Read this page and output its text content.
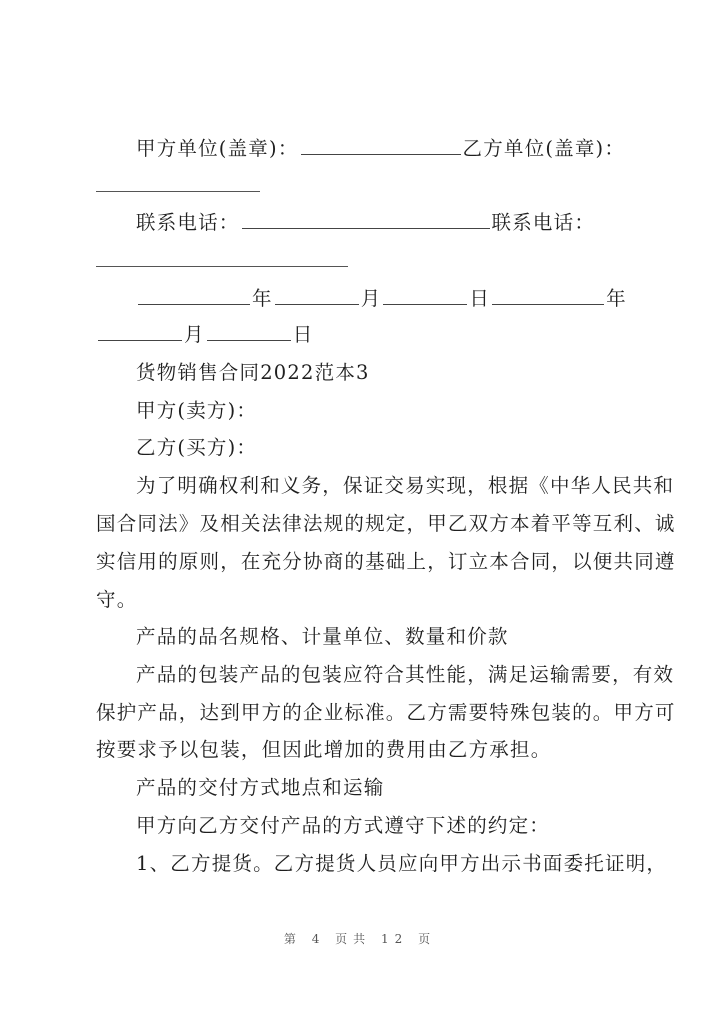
甲方单位(盖章)：	乙方单位(盖章)：
联系电话：	联系电话：
年	月	日	年
月	日
货物销售合同2022范本3
甲方(卖方)：
乙方(买方)：
为了明确权利和义务，保证交易实现，根据《中华人民共和
国合同法》及相关法律法规的规定，甲乙双方本着平等互利、诚
实信用的原则，在充分协商的基础上，订立本合同，以便共同遵
守。
产品的品名规格、计量单位、数量和价款
产品的包装产品的包装应符合其性能，满足运输需要，有效
保护产品，达到甲方的企业标准。乙方需要特殊包装的。甲方可
按要求予以包装，但因此增加的费用由乙方承担。
产品的交付方式地点和运输
甲方向乙方交付产品的方式遵守下述的约定：
1、乙方提货。乙方提货人员应向甲方出示书面委托证明，
第 4 页共 12 页
